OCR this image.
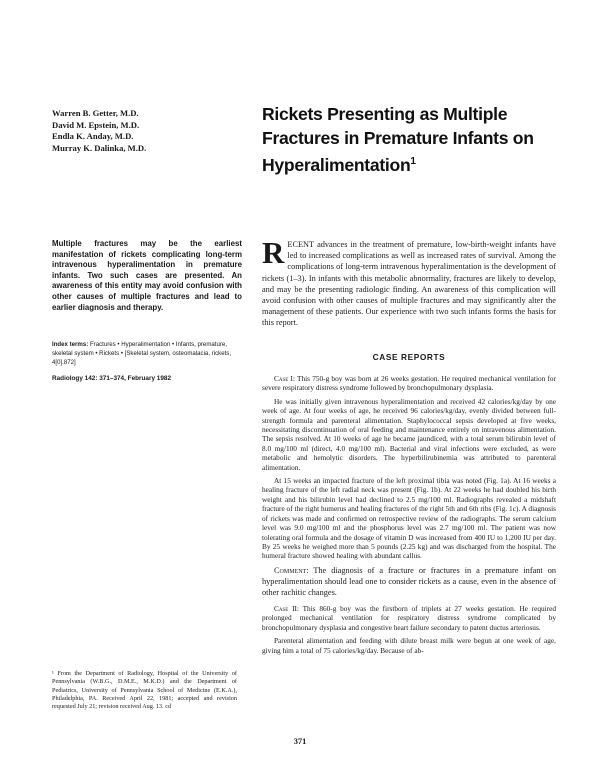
Warren B. Getter, M.D.
David M. Epstein, M.D.
Endla K. Anday, M.D.
Murray K. Dalinka, M.D.
Rickets Presenting as Multiple Fractures in Premature Infants on Hyperalimentation$^1$
Multiple fractures may be the earliest manifestation of rickets complicating long-term intravenous hyperalimentation in premature infants. Two such cases are presented. An awareness of this entity may avoid confusion with other causes of multiple fractures and lead to earlier diagnosis and therapy.
Index terms: Fractures • Hyperalimentation • Infants, premature, skeletal system • Rickets • [Skeletal system, osteomalacia, rickets, 4[0].872]
Radiology 142: 371–374, February 1982
¹ From the Department of Radiology, Hospital of the University of Pennsylvania (W.B.G., D.M.E., M.K.D.) and the Department of Pediatrics, University of Pennsylvania School of Medicine (E.K.A.), Philadelphia, PA. Received April 22, 1981; accepted and revision requested July 21; revision received Aug. 13. cd
RECENT advances in the treatment of premature, low-birth-weight infants have led to increased complications as well as increased rates of survival. Among the complications of long-term intravenous hyperalimentation is the development of rickets (1–3). In infants with this metabolic abnormality, fractures are likely to develop, and may be the presenting radiologic finding. An awareness of this complication will avoid confusion with other causes of multiple fractures and may significantly alter the management of these patients. Our experience with two such infants forms the basis for this report.
CASE REPORTS

Case I: This 750-g boy was born at 26 weeks gestation. He required mechanical ventilation for severe respiratory distress syndrome followed by bronchopulmonary dysplasia.

He was initially given intravenous hyperalimentation and received 42 calories/kg/day by one week of age. At four weeks of age, he received 96 calories/kg/day, evenly divided between full-strength formula and parenteral alimentation. Staphylococcal sepsis developed at five weeks, necessitating discontinuation of oral feeding and maintenance entirely on intravenous alimentation. The sepsis resolved. At 10 weeks of age he became jaundiced, with a total serum bilirubin level of 8.0 mg/100 ml (direct, 4.0 mg/100 ml). Bacterial and viral infections were excluded, as were metabolic and hemolytic disorders. The hyperbilirubinemia was attributed to parenteral alimentation.

At 15 weeks an impacted fracture of the left proximal tibia was noted (Fig. 1a). At 16 weeks a healing fracture of the left radial neck was present (Fig. 1b). At 22 weeks he had doubled his birth weight and his bilirubin level had declined to 2.5 mg/100 ml. Radiographs revealed a midshaft fracture of the right humerus and healing fractures of the right 5th and 6th ribs (Fig. 1c). A diagnosis of rickets was made and confirmed on retrospective review of the radiographs. The serum calcium level was 9.0 mg/100 ml and the phosphorus level was 2.7 mg/100 ml. The patient was now tolerating oral formula and the dosage of vitamin D was increased from 400 IU to 1,200 IU per day. By 25 weeks he weighed more than 5 pounds (2.25 kg) and was discharged from the hospital. The humeral fracture showed healing with abundant callus.

Comment: The diagnosis of a fracture or fractures in a premature infant on hyperalimentation should lead one to consider rickets as a cause, even in the absence of other rachitic changes.

Case II: This 860-g boy was the firstborn of triplets at 27 weeks gestation. He required prolonged mechanical ventilation for respiratory distress syndrome complicated by bronchopulmonary dysplasia and congestive heart failure secondary to patent ductus arteriosus.

Parenteral alimentation and feeding with dilute breast milk were begun at one week of age, giving him a total of 75 calories/kg/day. Because of ab-

371
